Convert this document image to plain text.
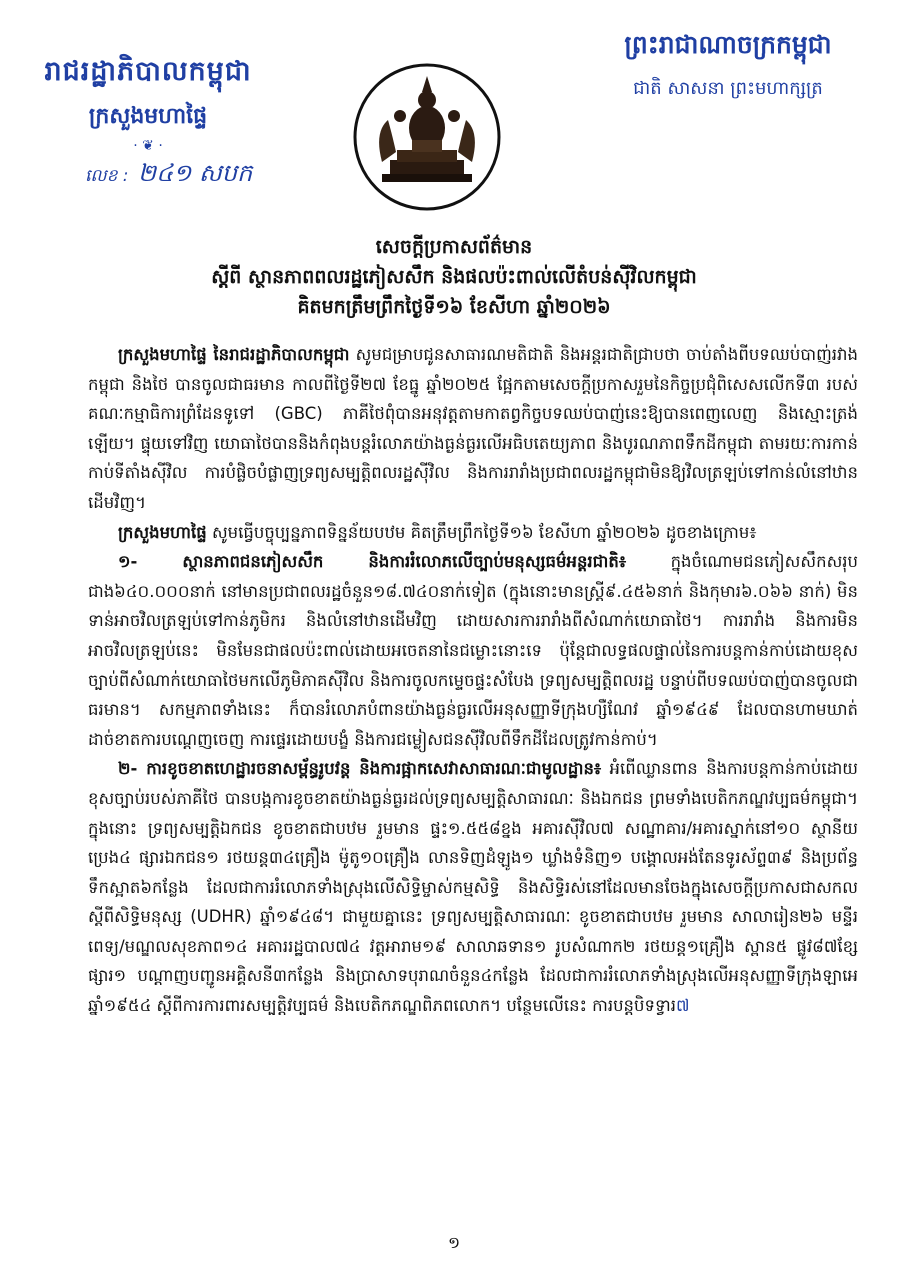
រាជរដ្ឋាភិបាលកម្ពុជា

ក្រសួងមហាផ្ទៃ

· ❦ ·
លេខ : ២៤១ សបក

ព្រះរាជាណាចក្រកម្ពុជា

ជាតិ សាសនា ព្រះមហាក្សត្រ
សេចក្តីប្រកាសព័ត៌មាន
ស្តីពី ស្ថានភាពពលរដ្ឋភៀសសឹក និងផលប៉ះពាល់លើតំបន់ស៊ីវិលកម្ពុជា
គិតមកត្រឹមព្រឹកថ្ងៃទី១៦ ខែសីហា ឆ្នាំ២០២៦

ក្រសួងមហាផ្ទៃ នៃរាជរដ្ឋាភិបាលកម្ពុជា សូមជម្រាបជូនសាធារណមតិជាតិ និងអន្តរជាតិជ្រាបថា ចាប់តាំងពីបទឈប់បាញ់រវាងកម្ពុជា និងថៃ បានចូលជាធរមាន កាលពីថ្ងៃទី២៧ ខែធ្នូ ឆ្នាំ២០២៥ ផ្អែកតាមសេចក្តីប្រកាសរួមនៃកិច្ចប្រជុំពិសេសលើកទី៣ របស់គណៈកម្មាធិការព្រំដែនទូទៅ (GBC) ភាគីថៃពុំបានអនុវត្តតាមកាតព្វកិច្ចបទឈប់បាញ់នេះឱ្យបានពេញលេញ និងស្មោះត្រង់ឡើយ។ ផ្ទុយទៅវិញ យោធាថៃបាននិងកំពុងបន្តរំលោភយ៉ាងធ្ងន់ធ្ងរលើអធិបតេយ្យភាព និងបូរណភាពទឹកដីកម្ពុជា តាមរយៈការកាន់កាប់ទីតាំងស៊ីវិល ការបំផ្លិចបំផ្លាញទ្រព្យសម្បត្តិពលរដ្ឋស៊ីវិល និងការរារាំងប្រជាពលរដ្ឋកម្ពុជាមិនឱ្យវិលត្រឡប់ទៅកាន់លំនៅឋានដើមវិញ។

ក្រសួងមហាផ្ទៃ សូមធ្វើបច្ចុប្បន្នភាពទិន្នន័យបឋម គិតត្រឹមព្រឹកថ្ងៃទី១៦ ខែសីហា ឆ្នាំ២០២៦ ដូចខាងក្រោម៖

១- ស្ថានភាពជនភៀសសឹក និងការរំលោភលើច្បាប់មនុស្សធម៌អន្តរជាតិ៖ ក្នុងចំណោមជនភៀសសឹកសរុបជាង៦៤០.០០០នាក់ នៅមានប្រជាពលរដ្ឋចំនួន១៨.៧៤០នាក់ទៀត (ក្នុងនោះមានស្ត្រី៩.៤៥៦នាក់ និងកុមារ៦.០៦៦ នាក់) មិនទាន់អាចវិលត្រឡប់ទៅកាន់ភូមិករ និងលំនៅឋានដើមវិញ ដោយសារការរារាំងពីសំណាក់យោធាថៃ។ ការរារាំង និងការមិនអាចវិលត្រឡប់នេះ មិនមែនជាផលប៉ះពាល់ដោយអចេតនានៃជម្លោះនោះទេ ប៉ុន្តែជាលទ្ធផលផ្ទាល់នៃការបន្តកាន់កាប់ដោយខុសច្បាប់ពីសំណាក់យោធាថៃមកលើភូមិភាគស៊ីវិល និងការចូលកម្ទេចផ្ទះសំបែង ទ្រព្យសម្បត្តិពលរដ្ឋ បន្ទាប់ពីបទឈប់បាញ់បានចូលជាធរមាន។ សកម្មភាពទាំងនេះ ក៏បានរំលោភបំពានយ៉ាងធ្ងន់ធ្ងរលើអនុសញ្ញាទីក្រុងហ្សឺណែវ ឆ្នាំ១៩៤៩ ដែលបានហាមឃាត់ដាច់ខាតការបណ្តេញចេញ ការផ្ទេរដោយបង្ខំ និងការជម្លៀសជនស៊ីវិលពីទឹកដីដែលត្រូវកាន់កាប់។

២- ការខូចខាតហេដ្ឋារចនាសម្ព័ន្ធរូបវន្ត និងការផ្អាកសេវាសាធារណៈជាមូលដ្ឋាន៖ អំពើឈ្លានពាន និងការបន្តកាន់កាប់ដោយខុសច្បាប់របស់ភាគីថៃ បានបង្កការខូចខាតយ៉ាងធ្ងន់ធ្ងរដល់ទ្រព្យសម្បត្តិសាធារណៈ និងឯកជន ព្រមទាំងបេតិកភណ្ឌវប្បធម៌កម្ពុជា។ ក្នុងនោះ ទ្រព្យសម្បត្តិឯកជន ខូចខាតជាបឋម រួមមាន ផ្ទះ១.៥៥៨ខ្នង អគារស៊ីវិល៧ សណ្ឋាគារ/អគារស្នាក់នៅ១០ ស្ថានីយប្រេង៤ ផ្សារឯកជន១ រថយន្ត៣៤គ្រឿង ម៉ូតូ១០គ្រឿង លានទិញដំឡូង១ ឃ្លាំងទំនិញ១ បង្គោលអង់តែនទូរស័ព្ទ៣៩ និងប្រព័ន្ធទឹកស្អាត៦កន្លែង ដែលជាការរំលោភទាំងស្រុងលើសិទ្ធិម្ចាស់កម្មសិទ្ធិ និងសិទ្ធិរស់នៅដែលមានចែងក្នុងសេចក្តីប្រកាសជាសកលស្តីពីសិទ្ធិមនុស្ស (UDHR) ឆ្នាំ១៩៤៨។ ជាមួយគ្នានេះ ទ្រព្យសម្បត្តិសាធារណៈ ខូចខាតជាបឋម រួមមាន សាលារៀន២៦ មន្ទីរពេទ្យ/មណ្ឌលសុខភាព១៤ អគាររដ្ឋបាល៧៤ វត្តអារាម១៩ សាលាឆទាន១ រូបសំណាក២ រថយន្ត១គ្រឿង ស្ពាន៥ ផ្លូវ៨៧ខ្សែ ផ្សារ១ បណ្តាញបញ្ជូនអគ្គិសនី៣កន្លែង និងប្រាសាទបុរាណចំនួន៤កន្លែង ដែលជាការរំលោភទាំងស្រុងលើអនុសញ្ញាទីក្រុងឡាអេ ឆ្នាំ១៩៥៤ ស្តីពីការការពារសម្បត្តិវប្បធម៌ និងបេតិកភណ្ឌពិភពលោក។ បន្ថែមលើនេះ ការបន្តបិទទ្វារ៧

១
